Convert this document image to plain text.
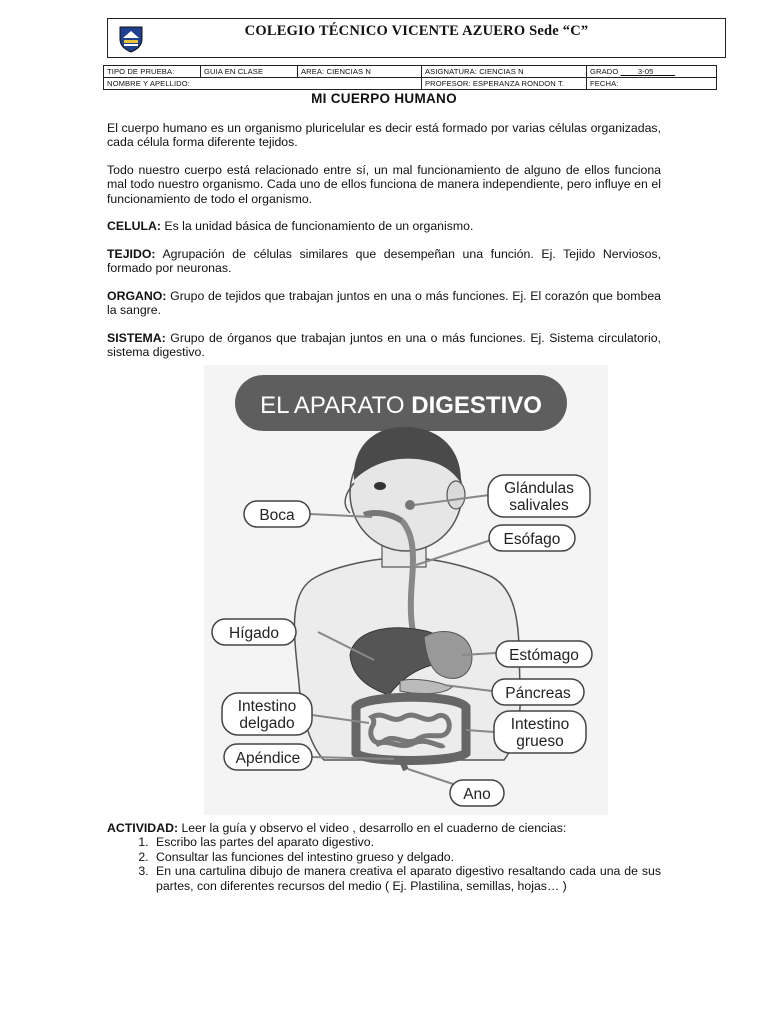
COLEGIO TÉCNICO VICENTE AZUERO Sede “C”
TIPO DE PRUEBA:	GUIA EN CLASE	AREA: CIENCIAS N	ASIGNATURA: CIENCIAS N	GRADO ____3-05_____
NOMBRE Y APELLIDO:			PROFESOR: ESPERANZA RONDON T.	FECHA:
MI CUERPO HUMANO
El cuerpo humano es un organismo pluricelular es decir está formado por varias células organizadas, cada célula forma diferente tejidos.
Todo nuestro cuerpo está relacionado entre sí, un mal funcionamiento de alguno de ellos funciona mal todo nuestro organismo. Cada uno de ellos funciona de manera independiente, pero influye en el funcionamiento de todo el organismo.
CELULA: Es la unidad básica de funcionamiento de un organismo.
TEJIDO: Agrupación de células similares que desempeñan una función. Ej. Tejido Nerviosos, formado por neuronas.
ORGANO: Grupo de tejidos que trabajan juntos en una o más funciones. Ej. El corazón que bombea la sangre.
SISTEMA: Grupo de órganos que trabajan juntos en una o más funciones. Ej. Sistema circulatorio, sistema digestivo.
EL APARATO DIGESTIVO
Boca
Glándulas
salivales
Esófago
Hígado
Estómago
Páncreas
Intestino
delgado	Intestino
grueso
Apéndice
Ano
ACTIVIDAD: Leer la guía y observo el video , desarrollo en el cuaderno de ciencias:
1. Escribo las partes del aparato digestivo.
2. Consultar las funciones del intestino grueso y delgado.
3. En una cartulina dibujo de manera creativa el aparato digestivo resaltando cada una de sus partes, con diferentes recursos del medio ( Ej. Plastilina, semillas, hojas… )
